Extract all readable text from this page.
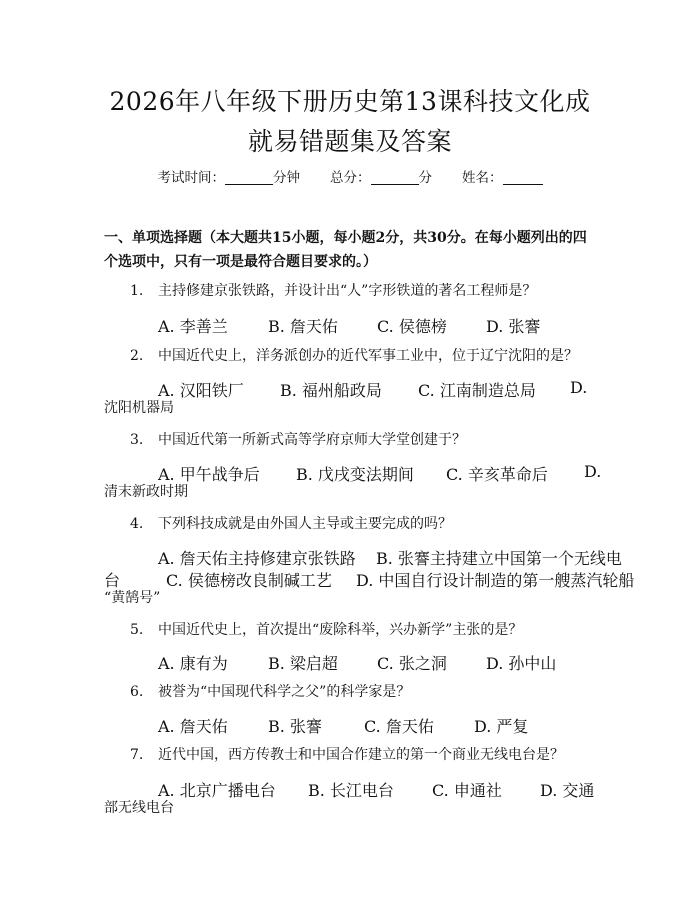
2026年八年级下册历史第13课科技文化成
就易错题集及答案
考试时间：	分钟 总分：	分 姓名：
一、单项选择题（本大题共15小题，每小题2分，共30分。在每小题列出的四
个选项中，只有一项是最符合题目要求的。）
1. 主持修建京张铁路，并设计出“人”字形铁道的著名工程师是？
A. 李善兰	B. 詹天佑 C. 侯德榜 D. 张謇
2. 中国近代史上，洋务派创办的近代军事工业中，位于辽宁沈阳的是？
A. 汉阳铁厂 B. 福州船政局 C. 江南制造总局 D.
沈阳机器局
3. 中国近代第一所新式高等学府京师大学堂创建于？
A. 甲午战争后 B. 戊戌变法期间 C. 辛亥革命后 D.
清末新政时期
4. 下列科技成就是由外国人主导或主要完成的吗？
A. 詹天佑主持修建京张铁路 B. 张謇主持建立中国第一个无线电
台	C. 侯德榜改良制碱工艺 D. 中国自行设计制造的第一艘蒸汽轮船
“黄鹄号”
5. 中国近代史上，首次提出“废除科举，兴办新学”主张的是？
A. 康有为	B. 梁启超 C. 张之洞 D. 孙中山
6. 被誉为“中国现代科学之父”的科学家是？
A. 詹天佑	B. 张謇	C. 詹天佑	D. 严复
7. 近代中国，西方传教士和中国合作建立的第一个商业无线电台是？
A. 北京广播电台 B. 长江电台 C. 申通社 D. 交通
部无线电台
